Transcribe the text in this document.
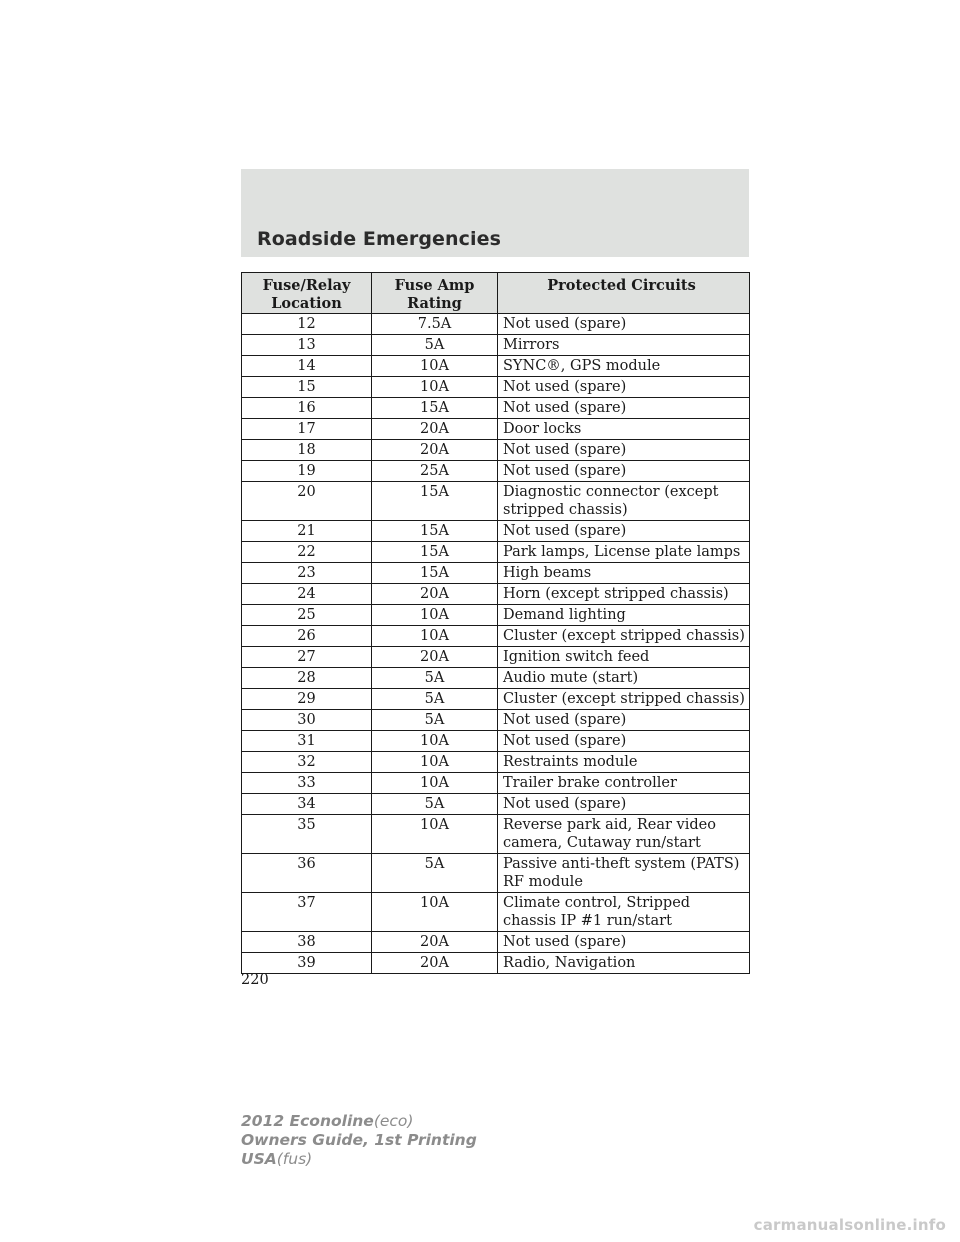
Roadside Emergencies
Fuse/Relay Location	Fuse Amp Rating	Protected Circuits
12	7.5A	Not used (spare)
13	5A	Mirrors
14	10A	SYNC®, GPS module
15	10A	Not used (spare)
16	15A	Not used (spare)
17	20A	Door locks
18	20A	Not used (spare)
19	25A	Not used (spare)
20	15A	Diagnostic connector (except stripped chassis)
21	15A	Not used (spare)
22	15A	Park lamps, License plate lamps
23	15A	High beams
24	20A	Horn (except stripped chassis)
25	10A	Demand lighting
26	10A	Cluster (except stripped chassis)
27	20A	Ignition switch feed
28	5A	Audio mute (start)
29	5A	Cluster (except stripped chassis)
30	5A	Not used (spare)
31	10A	Not used (spare)
32	10A	Restraints module
33	10A	Trailer brake controller
34	5A	Not used (spare)
35	10A	Reverse park aid, Rear video camera, Cutaway run/start
36	5A	Passive anti-theft system (PATS) RF module
37	10A	Climate control, Stripped chassis IP #1 run/start
38	20A	Not used (spare)
39	20A	Radio, Navigation
220
2012 Econoline(eco)
Owners Guide, 1st Printing
USA(fus)
carmanualsonline.info
